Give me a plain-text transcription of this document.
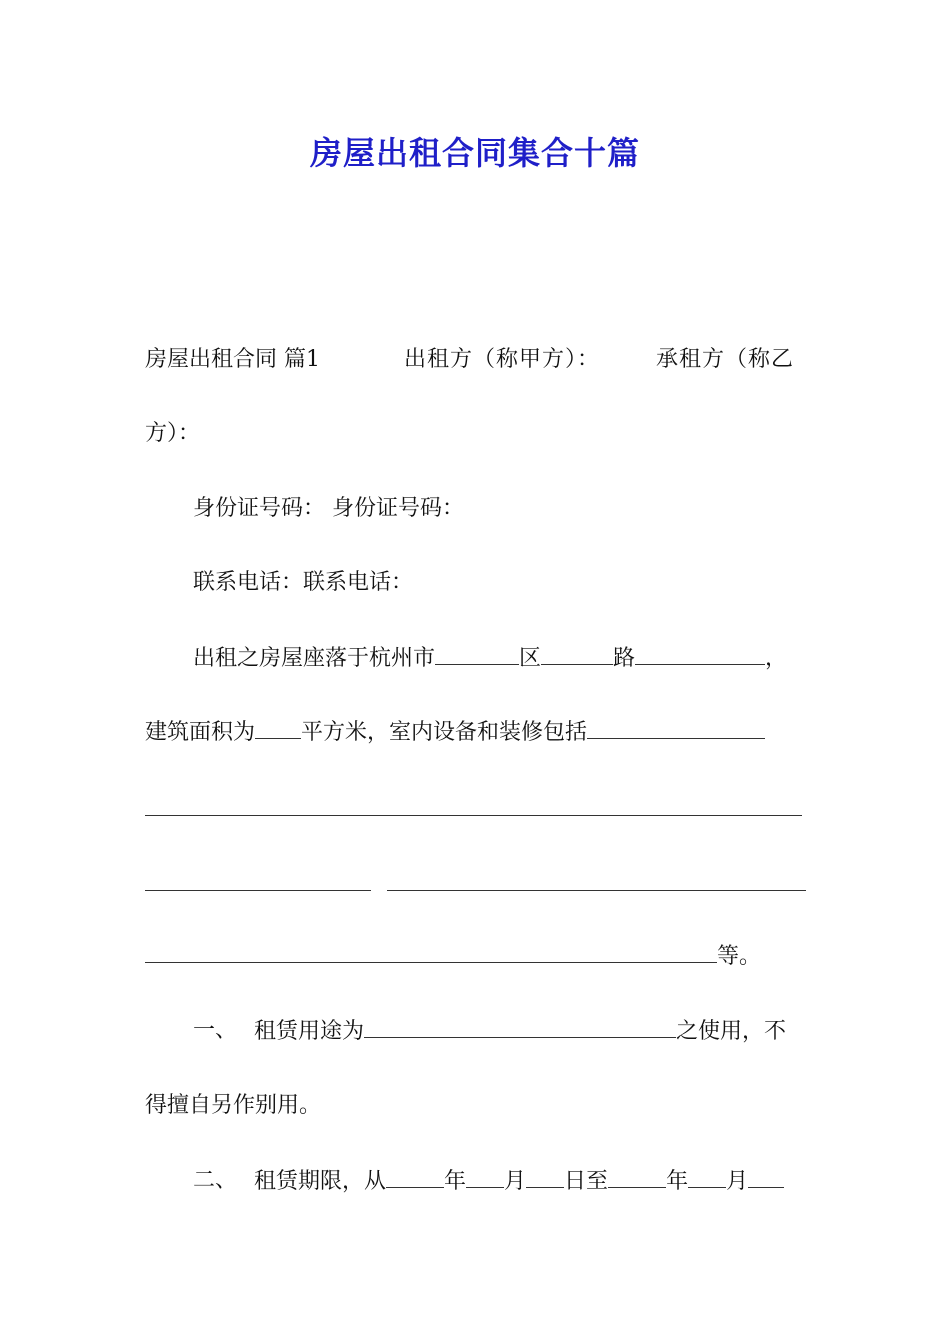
房屋出租合同集合十篇
房屋出租合同 篇1	出租方（称甲方）：	承租方（称乙
方）：
身份证号码： 身份证号码：
联系电话：联系电话：
出租之房屋座落于杭州市	区	路	，
建筑面积为 平方米，室内设备和装修包括
等。
一、 租赁用途为	之使用，不
得擅自另作别用。
二、 租赁期限，从	年 月 日至	年 月
